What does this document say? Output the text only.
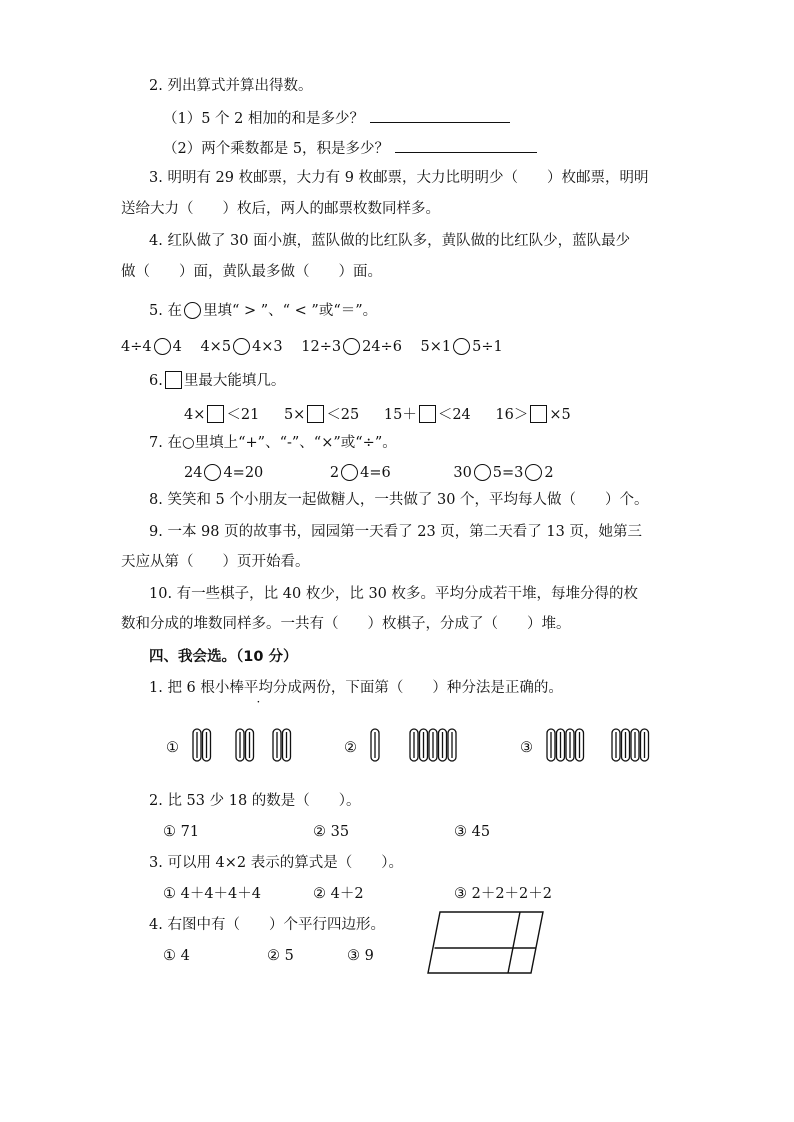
2. 列出算式并算出得数。
（1）5 个 2 相加的和是多少？
（2）两个乘数都是 5，积是多少？
3. 明明有 29 枚邮票，大力有 9 枚邮票，大力比明明少（　　）枚邮票，明明
送给大力（　　）枚后，两人的邮票枚数同样多。
4. 红队做了 30 面小旗，蓝队做的比红队多，黄队做的比红队少，蓝队最少
做（　　）面，黄队最多做（　　）面。
5. 在 里填“ > ”、“ < ”或“＝”。
4÷4 4 4×5 4×3 12÷3 24÷6 5×1 5÷1
6. 里最大能填几。
4× ＜21 5× ＜25 15＋ ＜24 16＞ ×5
7. 在○里填上“+”、“-”、“×”或“÷”。
24 4=20	2 4=6	30 5=3 2
8. 笑笑和 5 个小朋友一起做糖人，一共做了 30 个，平均每人做（　　）个。
9. 一本 98 页的故事书，园园第一天看了 23 页，第二天看了 13 页，她第三
天应从第（　　）页开始看。
10. 有一些棋子，比 40 枚少，比 30 枚多。平均分成若干堆，每堆分得的枚
数和分成的堆数同样多。一共有（　　）枚棋子，分成了（　　）堆。
四、我会选。（10 分）
1. 把 6 根小棒平均分成两份，下面第（　　）种分法是正确的。
①	②	③
2. 比 53 少 18 的数是（　　）。
① 71	② 35	③ 45
3. 可以用 4×2 表示的算式是（　　）。
① 4＋4＋4＋4	② 4＋2	③ 2＋2＋2＋2
4. 右图中有（　　）个平行四边形。
① 4	② 5	③ 9
